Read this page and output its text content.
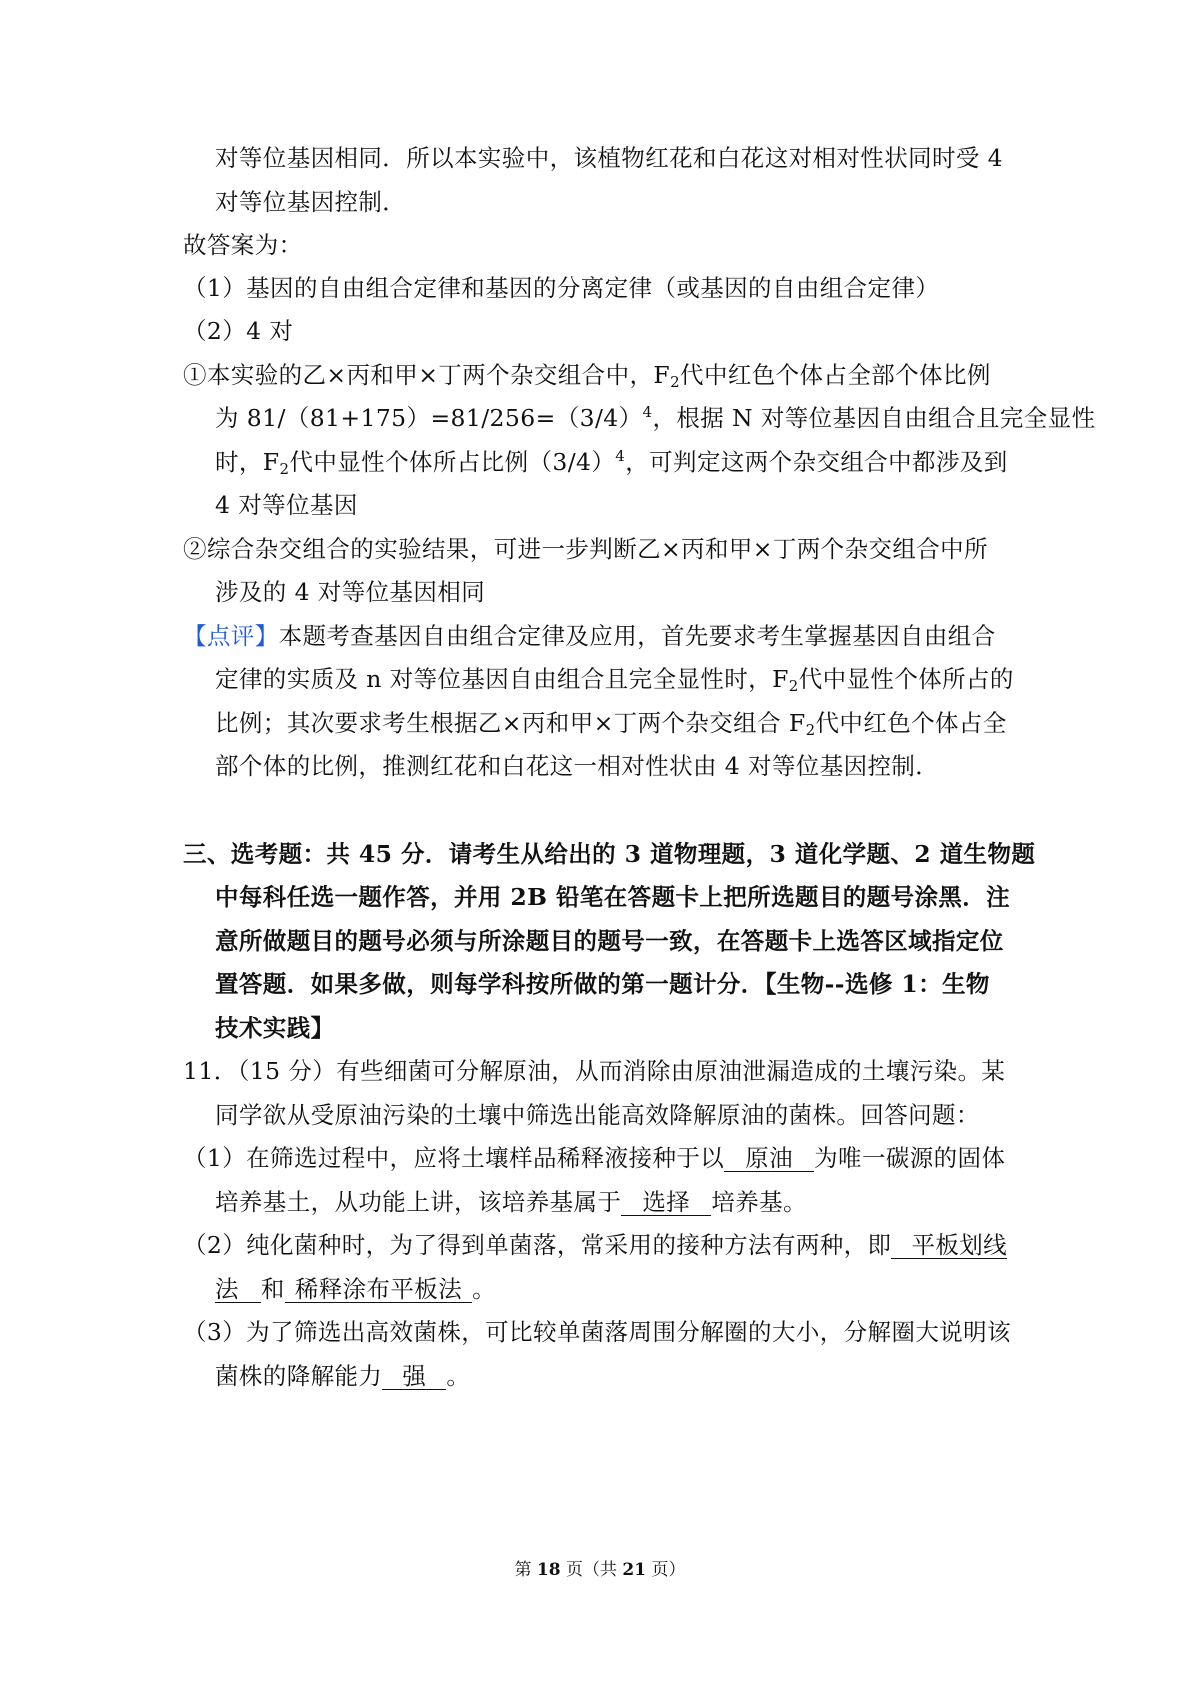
对等位基因相同．所以本实验中，该植物红花和白花这对相对性状同时受 4
对等位基因控制．
故答案为：
（1）基因的自由组合定律和基因的分离定律（或基因的自由组合定律）
（2）4 对
①本实验的乙×丙和甲×丁两个杂交组合中，$F_2$代中红色个体占全部个体比例
为 $81/(81+175)=81/256=(3/4)^4$，根据 N 对等位基因自由组合且完全显性
时，$F_2$代中显性个体所占比例$(3/4)^4$，可判定这两个杂交组合中都涉及到
4 对等位基因
②综合杂交组合的实验结果，可进一步判断乙×丙和甲×丁两个杂交组合中所
涉及的 4 对等位基因相同
【点评】本题考查基因自由组合定律及应用，首先要求考生掌握基因自由组合
定律的实质及 n 对等位基因自由组合且完全显性时，$F_2$代中显性个体所占的
比例；其次要求考生根据乙×丙和甲×丁两个杂交组合 $F_2$代中红色个体占全
部个体的比例，推测红花和白花这一相对性状由 4 对等位基因控制．
三、选考题：共 45 分．请考生从给出的 3 道物理题，3 道化学题、2 道生物题
中每科任选一题作答，并用 2B 铅笔在答题卡上把所选题目的题号涂黑．注
意所做题目的题号必须与所涂题目的题号一致，在答题卡上选答区域指定位
置答题．如果多做，则每学科按所做的第一题计分．【生物--选修 1：生物
技术实践】
11．（15 分）有些细菌可分解原油，从而消除由原油泄漏造成的土壤污染。某
同学欲从受原油污染的土壤中筛选出能高效降解原油的菌株。回答问题：
（1）在筛选过程中，应将土壤样品稀释液接种于以 原油 为唯一碳源的固体
培养基土，从功能上讲，该培养基属于 选择 培养基。
（2）纯化菌种时，为了得到单菌落，常采用的接种方法有两种，即 平板划线
法 和 稀释涂布平板法 。
（3）为了筛选出高效菌株，可比较单菌落周围分解圈的大小，分解圈大说明该
菌株的降解能力 强 。
第 18 页（共 21 页）
